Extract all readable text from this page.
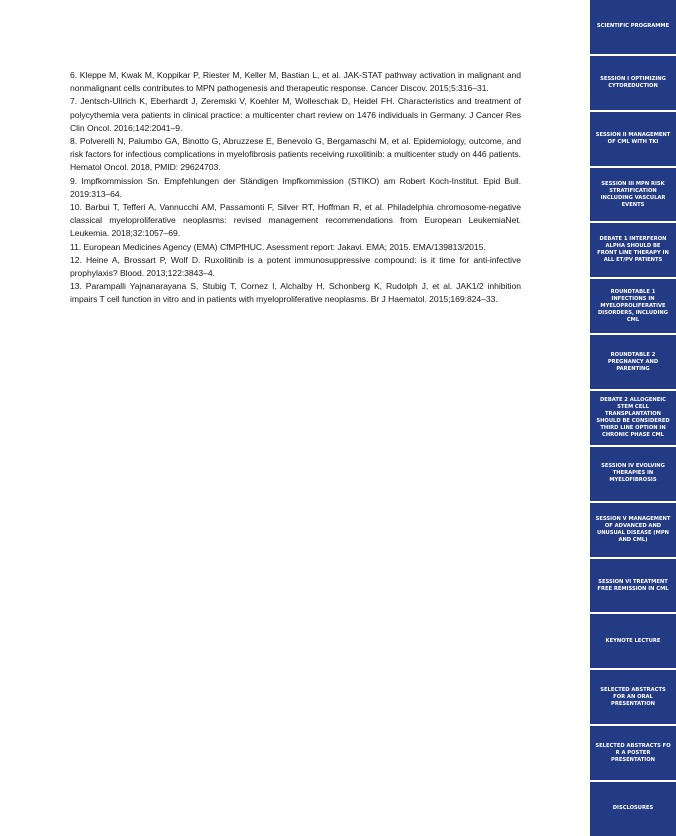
6. Kleppe M, Kwak M, Koppikar P, Riester M, Keller M, Bastian L, et al. JAK-STAT pathway activation in malignant and nonmalignant cells contributes to MPN pathogenesis and therapeutic response. Cancer Discov. 2015;5:316–31.

7. Jentsch-Ullrich K, Eberhardt J, Zeremski V, Koehler M, Wolleschak D, Heidel FH. Characteristics and treatment of polycythemia vera patients in clinical practice: a multicenter chart review on 1476 individuals in Germany. J Cancer Res Clin Oncol. 2016;142:2041–9.

8. Polverelli N, Palumbo GA, Binotto G, Abruzzese E, Benevolo G, Bergamaschi M, et al. Epidemiology, outcome, and risk factors for infectious complications in myelofibrosis patients receiving ruxolitinib: a multicenter study on 446 patients. Hematol Oncol. 2018, PMID: 29624703.

9. Impfkommission Sn. Empfehlungen der Ständigen Impfkommission (STIKO) am Robert Koch-Institut. Epid Bull. 2019:313–64.

10. Barbui T, Tefferi A, Vannucchi AM, Passamonti F, Silver RT, Hoffman R, et al. Philadelphia chromosome-negative classical myeloproliferative neoplasms: revised management recommendations from European LeukemiaNet. Leukemia. 2018;32:1057–69.

11. European Medicines Agency (EMA) CfMPfHUC. Asessment report: Jakavi. EMA; 2015. EMA/139813/2015.

12. Heine A, Brossart P, Wolf D. Ruxolitinib is a potent immunosuppressive compound: is it time for anti-infective prophylaxis? Blood. 2013;122:3843–4.

13. Parampalli Yajnanarayana S, Stubig T, Cornez I, Alchalby H, Schonberg K, Rudolph J, et al. JAK1/2 inhibition impairs T cell function in vitro and in patients with myeloproliferative neoplasms. Br J Haematol. 2015;169:824–33.

SCIENTIFIC PROGRAMME
SESSION I OPTIMIZING CYTOREDUCTION
SESSION II MANAGEMENT OF CML WITH TKI
SESSION III MPN RISK STRATIFICATION INCLUDING VASCULAR EVENTS
DEBATE 1 INTERFERON ALPHA SHOULD BE FRONT LINE THERAPY IN ALL ET/PV PATIENTS
ROUNDTABLE 1 INFECTIONS IN MYELOPROLIFERATIVE DISORDERS, INCLUDING CML
ROUNDTABLE 2 PREGNANCY AND PARENTING
DEBATE 2 ALLOGENEIC STEM CELL TRANSPLANTATION SHOULD BE CONSIDERED THIRD LINE OPTION IN CHRONIC PHASE CML
SESSION IV EVOLVING THERAPIES IN MYELOFIBROSIS
SESSION V MANAGEMENT OF ADVANCED AND UNUSUAL DISEASE (MPN AND CML)
SESSION VI TREATMENT FREE REMISSION IN CML
KEYNOTE LECTURE
SELECTED ABSTRACTS FOR AN ORAL PRESENTATION
SELECTED ABSTRACTS FO R A POSTER PRESENTATION
DISCLOSURES
